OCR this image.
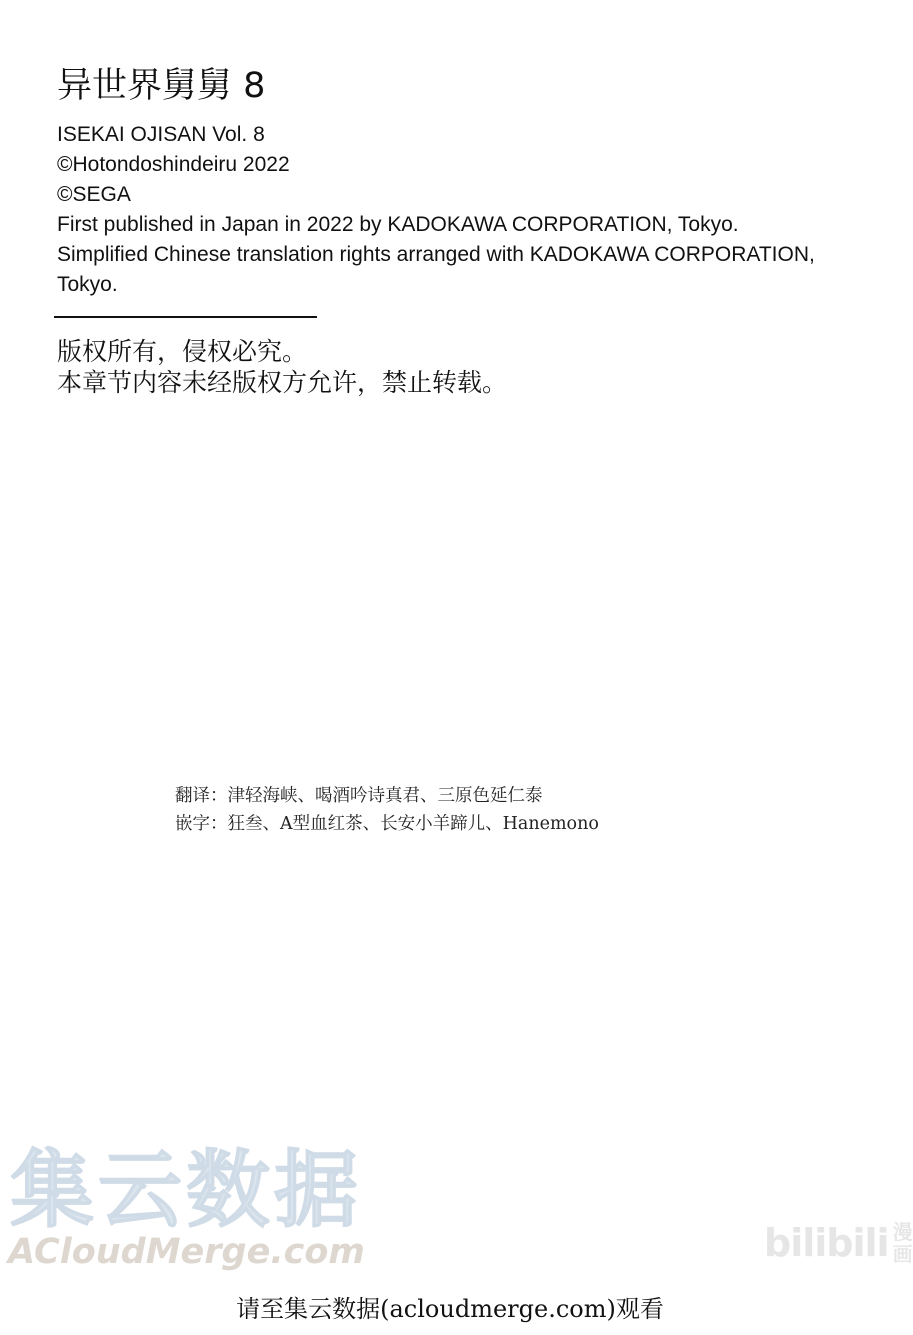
异世界舅舅 8
ISEKAI OJISAN Vol. 8
©Hotondoshindeiru 2022
©SEGA
First published in Japan in 2022 by KADOKAWA CORPORATION, Tokyo.
Simplified Chinese translation rights arranged with KADOKAWA CORPORATION,
Tokyo.
版权所有，侵权必究。
本章节内容未经版权方允许，禁止转载。
翻译：津轻海峡、喝酒吟诗真君、三原色延仁泰
嵌字：狂叁、A型血红茶、长安小羊蹄儿、Hanemono
集云数据
ACloudMerge.com	bilibili 漫
画
请至集云数据(acloudmerge.com)观看
